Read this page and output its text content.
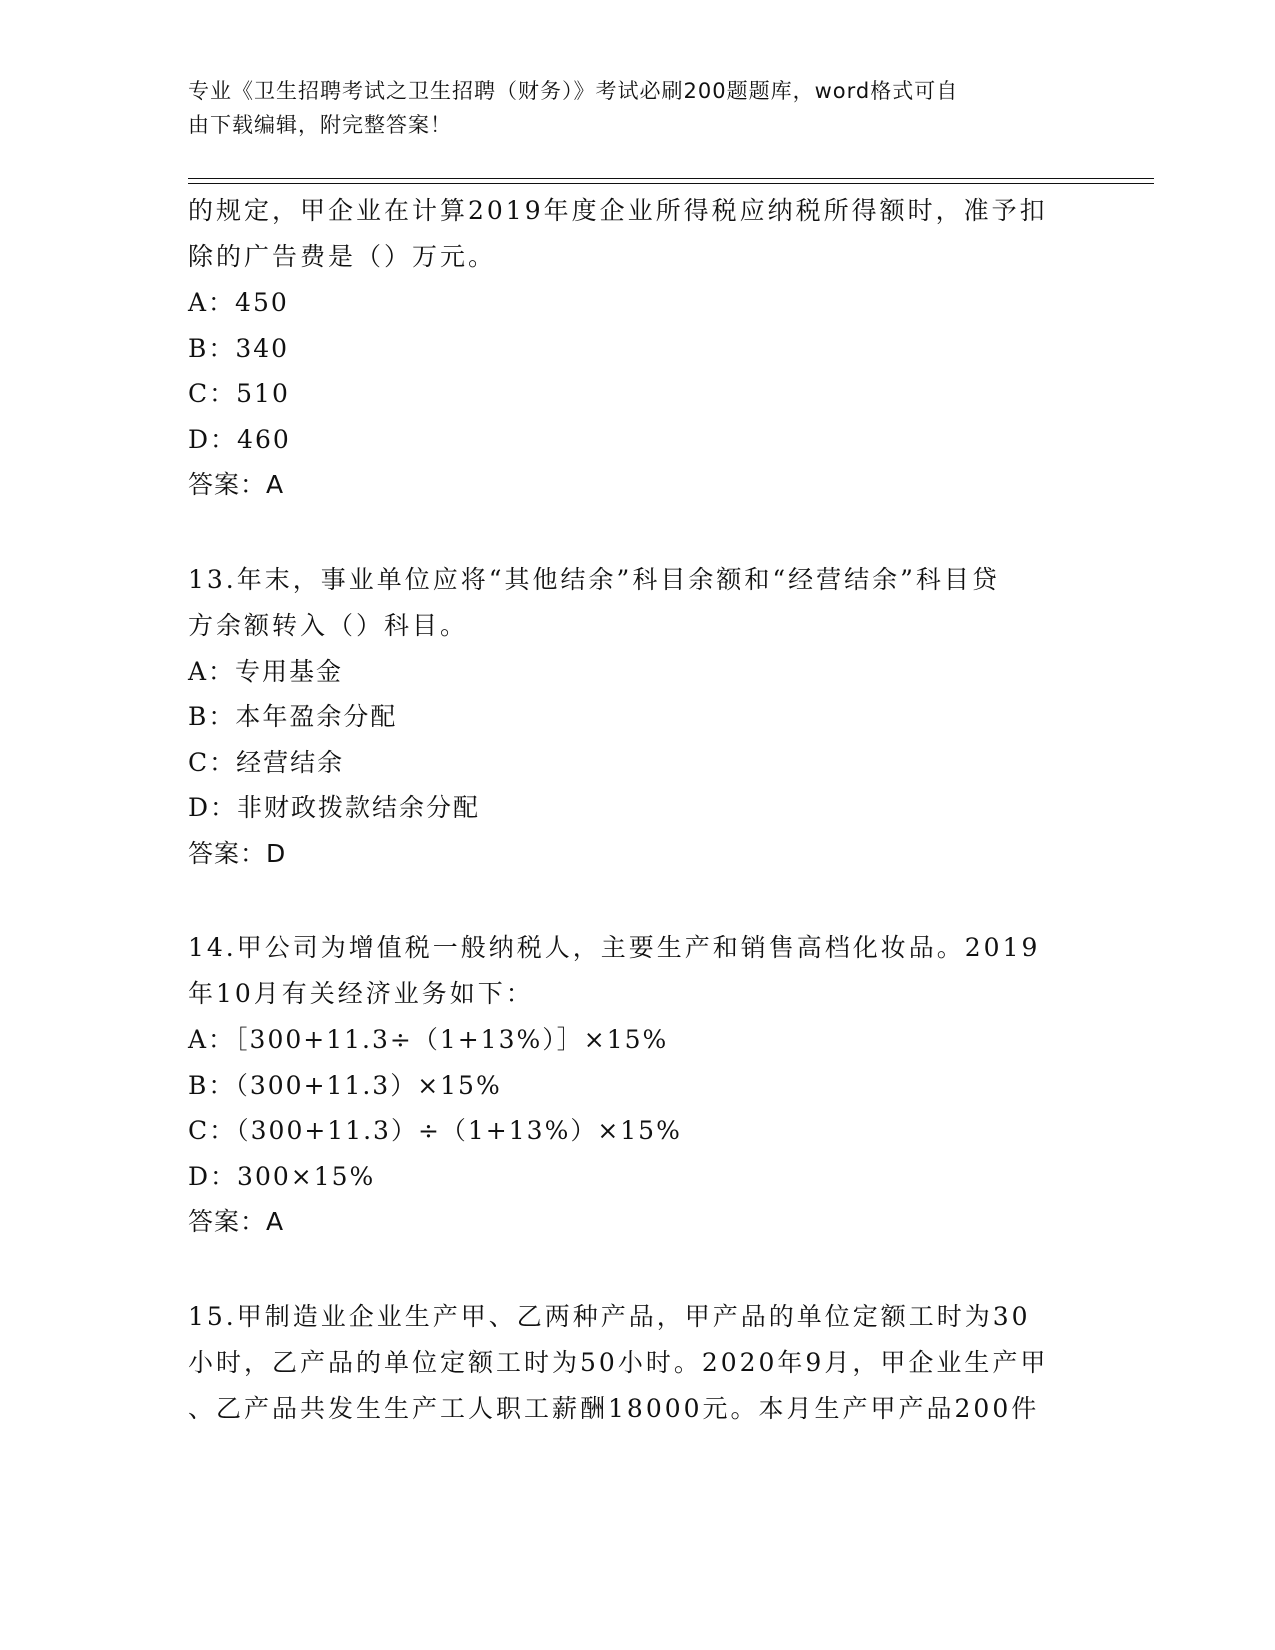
专业《卫生招聘考试之卫生招聘（财务）》考试必刷200题题库，word格式可自
由下载编辑，附完整答案！

的规定，甲企业在计算2019年度企业所得税应纳税所得额时，准予扣

除的广告费是（）万元。

A：450

B：340

C：510

D：460

答案：A

13.年末，事业单位应将“其他结余”科目余额和“经营结余”科目贷

方余额转入（）科目。

A：专用基金

B：本年盈余分配

C：经营结余

D：非财政拨款结余分配

答案：D

14.甲公司为增值税一般纳税人，主要生产和销售高档化妆品。2019

年10月有关经济业务如下：

A：［300+11.3÷（1+13%）］×15%

B：（300+11.3）×15%

C：（300+11.3）÷（1+13%）×15%

D：300×15%

答案：A

15.甲制造业企业生产甲、乙两种产品，甲产品的单位定额工时为30

小时，乙产品的单位定额工时为50小时。2020年9月，甲企业生产甲

、乙产品共发生生产工人职工薪酬18000元。本月生产甲产品200件
